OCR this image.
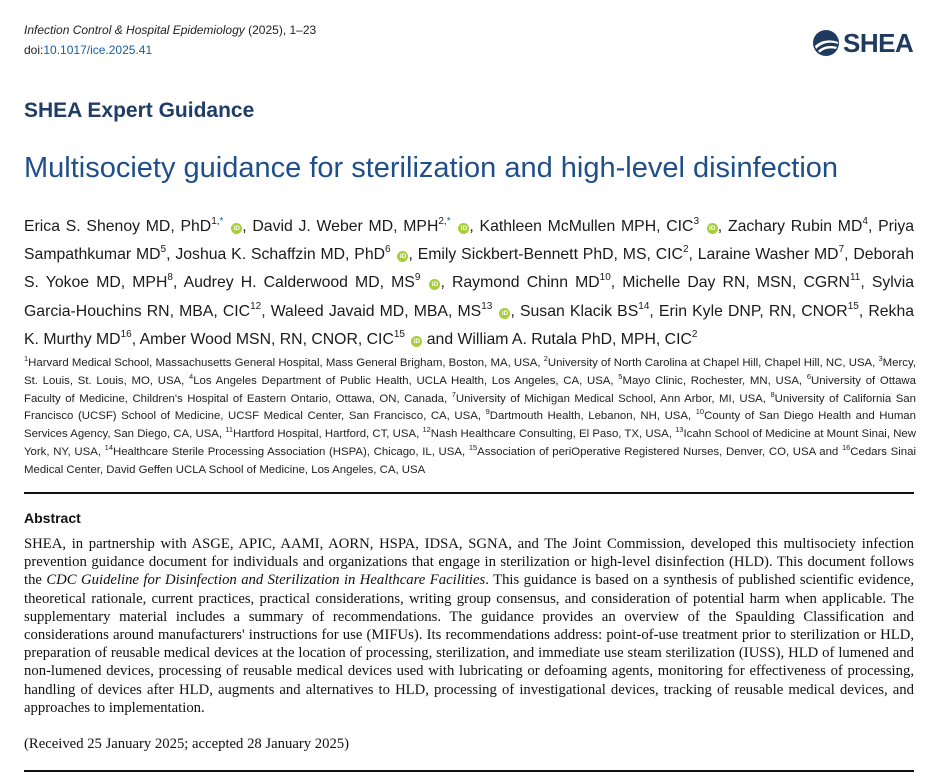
Infection Control & Hospital Epidemiology (2025), 1–23
doi:10.1017/ice.2025.41	SHEA
SHEA Expert Guidance
Multisociety guidance for sterilization and high-level disinfection
Erica S. Shenoy MD, PhD$^{1,*}$ iD , David J. Weber MD, $MPH^{2,*}$ iD , Kathleen McMullen MPH, CIC$^3$ iD , Zachary Rubin $MD^4$, Priya Sampathkumar $MD^5$, Joshua K. Schaffzin MD, PhD$^6$ iD , Emily Sickbert-Bennett PhD, MS, CIC$^2$, Laraine Washer $MD^7$, Deborah S. Yokoe MD, MPH$^8$, Audrey H. Calderwood MD, $MS^9$ iD , Raymond Chinn MD$^{10}$, Michelle Day RN, MSN, CGRN$^{11}$, Sylvia Garcia-Houchins RN, MBA, CIC$^{12}$, Waleed Javaid MD, MBA, MS$^{13}$ iD , Susan Klacik BS$^{14}$, Erin Kyle DNP, RN, CNOR$^{15}$, Rekha K. Murthy MD$^{16}$, Amber Wood MSN, RN, CNOR, CIC$^{15}$ iD and William A. Rutala PhD, MPH, CIC$^2$
$^1$Harvard Medical School, Massachusetts General Hospital, Mass General Brigham, Boston, MA, USA, $^2$University of North Carolina at Chapel Hill, Chapel Hill, NC, USA, $^3$Mercy, St. Louis, St. Louis, MO, USA, $^4$Los Angeles Department of Public Health, UCLA Health, Los Angeles, CA, USA, $^5$Mayo Clinic, Rochester, MN, USA, $^6$University of Ottawa Faculty of Medicine, Children's Hospital of Eastern Ontario, Ottawa, ON, Canada, $^7$University of Michigan Medical School, Ann Arbor, MI, USA, $^8$University of California San Francisco (UCSF) School of Medicine, UCSF Medical Center, San Francisco, CA, USA, $^9$Dartmouth Health, Lebanon, NH, USA, $^{10}$County of San Diego Health and Human Services Agency, San Diego, CA, USA, $^{11}$Hartford Hospital, Hartford, CT, USA, $^{12}$Nash Healthcare Consulting, El Paso, TX, USA, $^{13}$Icahn School of Medicine at Mount Sinai, New York, NY, USA, $^{14}$Healthcare Sterile Processing Association (HSPA), Chicago, IL, USA, $^{15}$Association of periOperative Registered Nurses, Denver, CO, USA and $^{16}$Cedars Sinai Medical Center, David Geffen UCLA School of Medicine, Los Angeles, CA, USA
Abstract

SHEA, in partnership with ASGE, APIC, AAMI, AORN, HSPA, IDSA, SGNA, and The Joint Commission, developed this multisociety infection prevention guidance document for individuals and organizations that engage in sterilization or high-level disinfection (HLD). This document follows the CDC Guideline for Disinfection and Sterilization in Healthcare Facilities. This guidance is based on a synthesis of published scientific evidence, theoretical rationale, current practices, practical considerations, writing group consensus, and consideration of potential harm when applicable. The supplementary material includes a summary of recommendations. The guidance provides an overview of the Spaulding Classification and considerations around manufacturers' instructions for use (MIFUs). Its recommendations address: point-of-use treatment prior to sterilization or HLD, preparation of reusable medical devices at the location of processing, sterilization, and immediate use steam sterilization (IUSS), HLD of lumened and non-lumened devices, processing of reusable medical devices used with lubricating or defoaming agents, monitoring for effectiveness of processing, handling of devices after HLD, augments and alternatives to HLD, processing of investigational devices, tracking of reusable medical devices, and approaches to implementation.

(Received 25 January 2025; accepted 28 January 2025)
